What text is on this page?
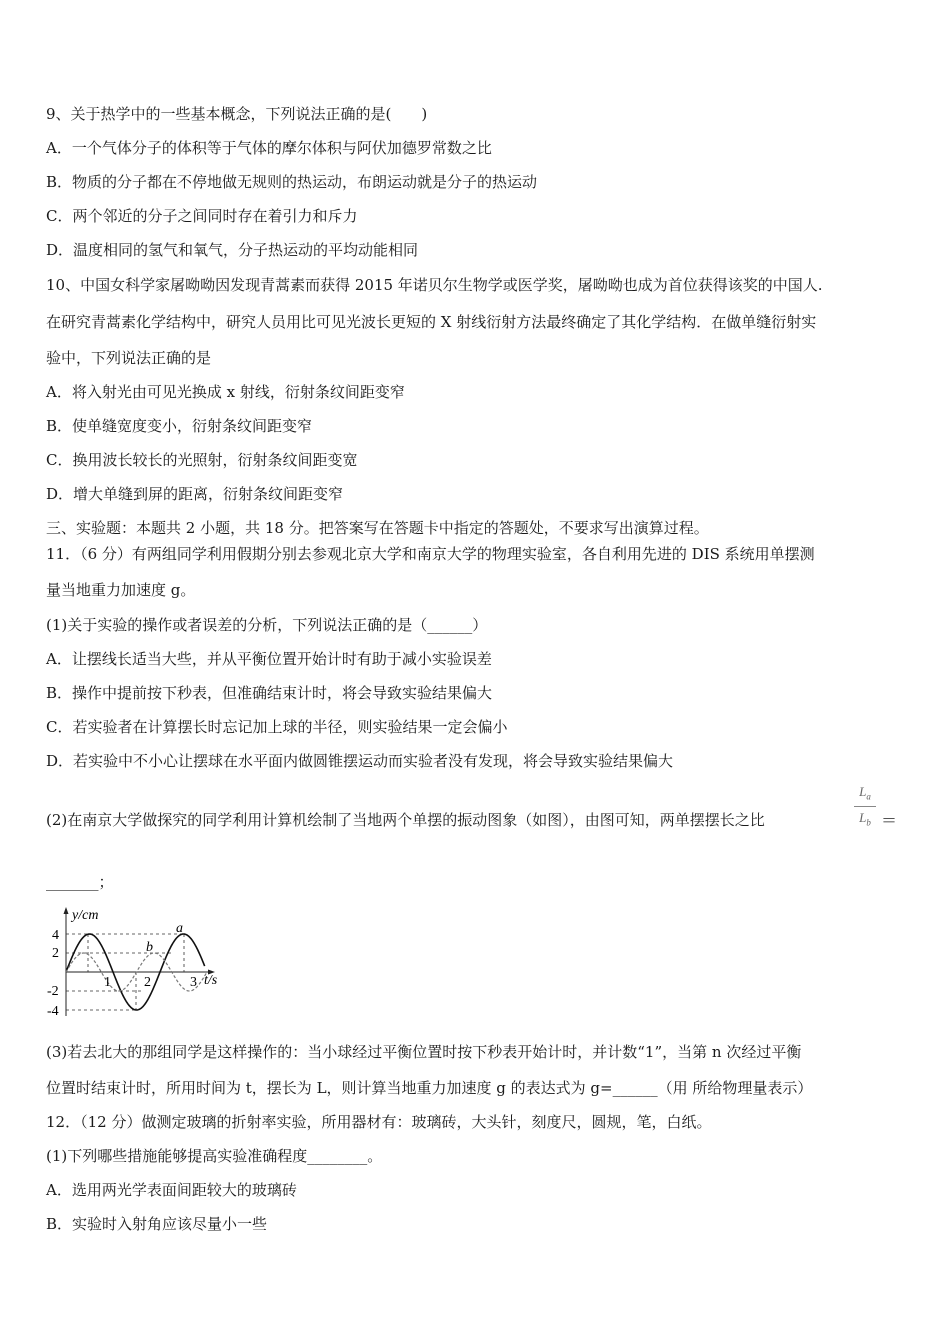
9、关于热学中的一些基本概念，下列说法正确的是(　　)
A．一个气体分子的体积等于气体的摩尔体积与阿伏加德罗常数之比
B．物质的分子都在不停地做无规则的热运动，布朗运动就是分子的热运动
C．两个邻近的分子之间同时存在着引力和斥力
D．温度相同的氢气和氧气，分子热运动的平均动能相同
10、中国女科学家屠呦呦因发现青蒿素而获得 2015 年诺贝尔生物学或医学奖，屠呦呦也成为首位获得该奖的中国人.
在研究青蒿素化学结构中，研究人员用比可见光波长更短的 X 射线衍射方法最终确定了其化学结构．在做单缝衍射实
验中，下列说法正确的是
A．将入射光由可见光换成 x 射线，衍射条纹间距变窄
B．使单缝宽度变小，衍射条纹间距变窄
C．换用波长较长的光照射，衍射条纹间距变宽
D．增大单缝到屏的距离，衍射条纹间距变窄
三、实验题：本题共 2 小题，共 18 分。把答案写在答题卡中指定的答题处，不要求写出演算过程。
11．（6 分）有两组同学利用假期分别去参观北京大学和南京大学的物理实验室，各自利用先进的 DIS 系统用单摆测
量当地重力加速度 g。
(1)关于实验的操作或者误差的分析，下列说法正确的是（______）
A．让摆线长适当大些，并从平衡位置开始计时有助于减小实验误差
B．操作中提前按下秒表，但准确结束计时，将会导致实验结果偏大
C．若实验者在计算摆长时忘记加上球的半径，则实验结果一定会偏小
D．若实验中不小心让摆球在水平面内做圆锥摆运动而实验者没有发现，将会导致实验结果偏大
(2)在南京大学做探究的同学利用计算机绘制了当地两个单摆的振动图象（如图），由图可知，两单摆摆长之比
$L_a$
$L_b$ ＝
_______；
y/cm
t/s
4
2
-2
-4
1 2	3
a
b
(3)若去北大的那组同学是这样操作的：当小球经过平衡位置时按下秒表开始计时，并计数“1”，当第 n 次经过平衡
位置时结束计时，所用时间为 t，摆长为 L，则计算当地重力加速度 g 的表达式为 g=______（用 所给物理量表示）
12．（12 分）做测定玻璃的折射率实验，所用器材有：玻璃砖，大头针，刻度尺，圆规，笔，白纸。
(1)下列哪些措施能够提高实验准确程度________。
A．选用两光学表面间距较大的玻璃砖
B．实验时入射角应该尽量小一些
